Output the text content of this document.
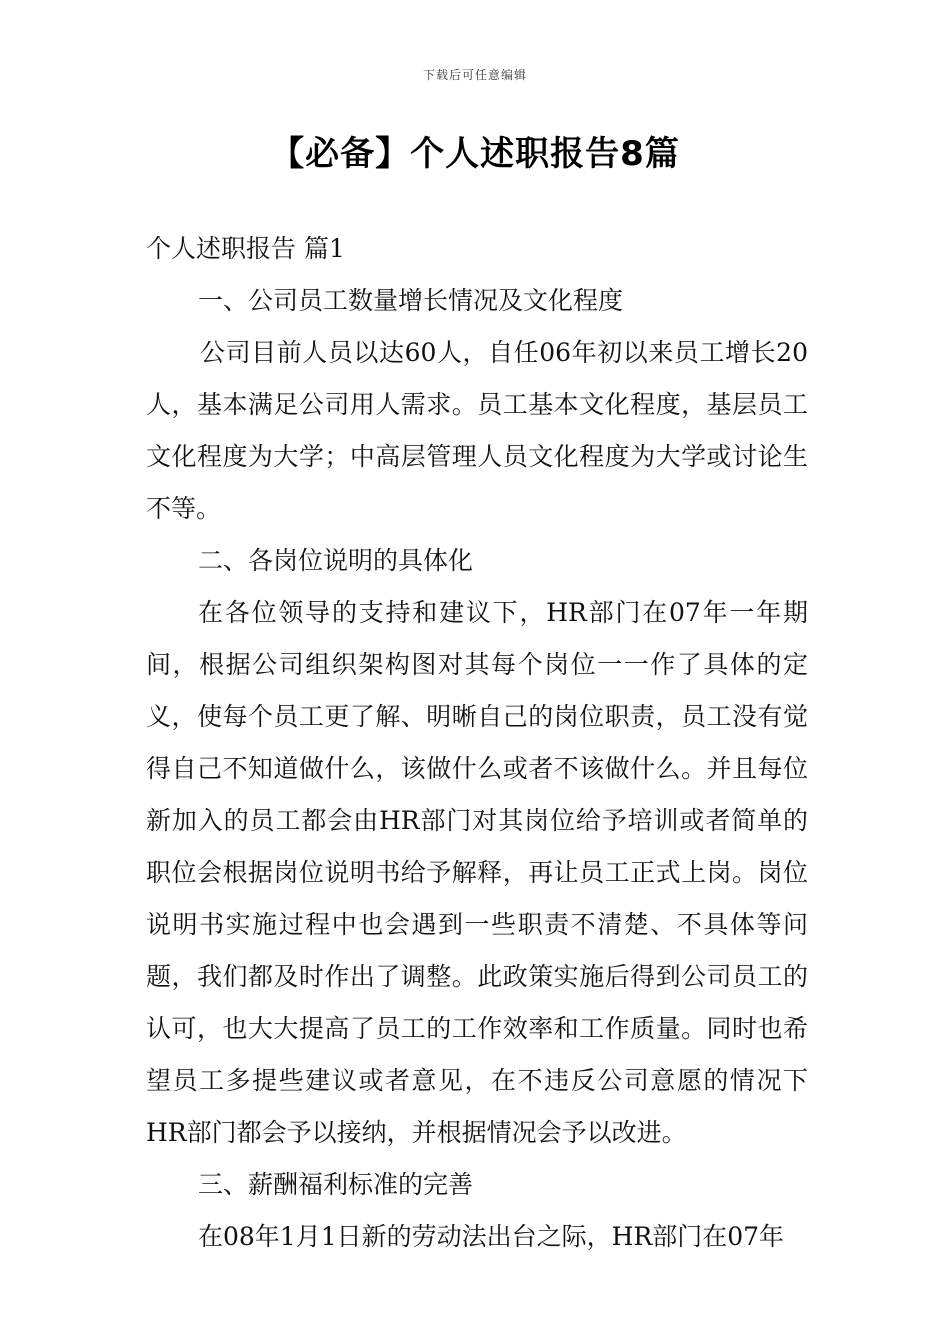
下载后可任意编辑
【必备】个人述职报告8篇

个人述职报告 篇1

一、公司员工数量增长情况及文化程度

公司目前人员以达60人，自任06年初以来员工增长20人，基本满足公司用人需求。员工基本文化程度，基层员工文化程度为大学；中高层管理人员文化程度为大学或讨论生不等。

二、各岗位说明的具体化

在各位领导的支持和建议下，HR部门在07年一年期间，根据公司组织架构图对其每个岗位一一作了具体的定义，使每个员工更了解、明晰自己的岗位职责，员工没有觉得自己不知道做什么，该做什么或者不该做什么。并且每位新加入的员工都会由HR部门对其岗位给予培训或者简单的职位会根据岗位说明书给予解释，再让员工正式上岗。岗位说明书实施过程中也会遇到一些职责不清楚、不具体等问题，我们都及时作出了调整。此政策实施后得到公司员工的认可，也大大提高了员工的工作效率和工作质量。同时也希望员工多提些建议或者意见，在不违反公司意愿的情况下HR部门都会予以接纳，并根据情况会予以改进。

三、薪酬福利标准的完善

在08年1月1日新的劳动法出台之际，HR部门在07年
